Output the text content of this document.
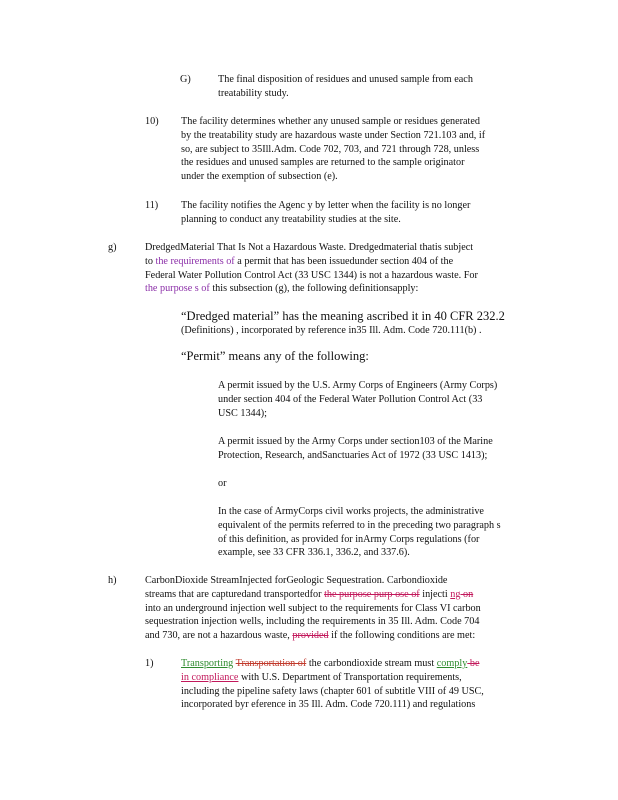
G)	The final disposition of residues and unused sample from each
treatability study.
10) The facility determines whether any unused sample or residues generated
by the treatability study are hazardous waste under Section 721.103 and, if
so, are subject to 35Ill.Adm. Code 702, 703, and 721 through 728, unless
the residues and unused samples are returned to the sample originator
under the exemption of subsection (e).
11) The facility notifies the Agenc y by letter when the facility is no longer
planning to conduct any treatability studies at the site.
g)	DredgedMaterial That Is Not a Hazardous Waste. Dredgedmaterial thatis subject
to the requirements of a permit that has been issuedunder section 404 of the
Federal Water Pollution Control Act (33 USC 1344) is not a hazardous waste. For
the purpose s of this subsection (g), the following definitionsapply:
“Dredged material” has the meaning ascribed it in 40 CFR 232.2
(Definitions) , incorporated by reference in35 Ill. Adm. Code 720.111(b) .
“Permit” means any of the following:
A permit issued by the U.S. Army Corps of Engineers (Army Corps)
under section 404 of the Federal Water Pollution Control Act (33
USC 1344);
A permit issued by the Army Corps under section103 of the Marine
Protection, Research, andSanctuaries Act of 1972 (33 USC 1413);
or
In the case of ArmyCorps civil works projects, the administrative
equivalent of the permits referred to in the preceding two paragraph s
of this definition, as provided for inArmy Corps regulations (for
example, see 33 CFR 336.1, 336.2, and 337.6).
h)	CarbonDioxide StreamInjected forGeologic Sequestration. Carbondioxide
streams that are capturedand transportedfor the purpose purp ose of injecti ng on
into an underground injection well subject to the requirements for Class VI carbon
sequestration injection wells, including the requirements in 35 Ill. Adm. Code 704
and 730, are not a hazardous waste, provided if the following conditions are met:
1)	Transporting Transportation of the carbondioxide stream must comply be
in compliance with U.S. Department of Transportation requirements,
including the pipeline safety laws (chapter 601 of subtitle VIII of 49 USC,
incorporated byr eference in 35 Ill. Adm. Code 720.111) and regulations
